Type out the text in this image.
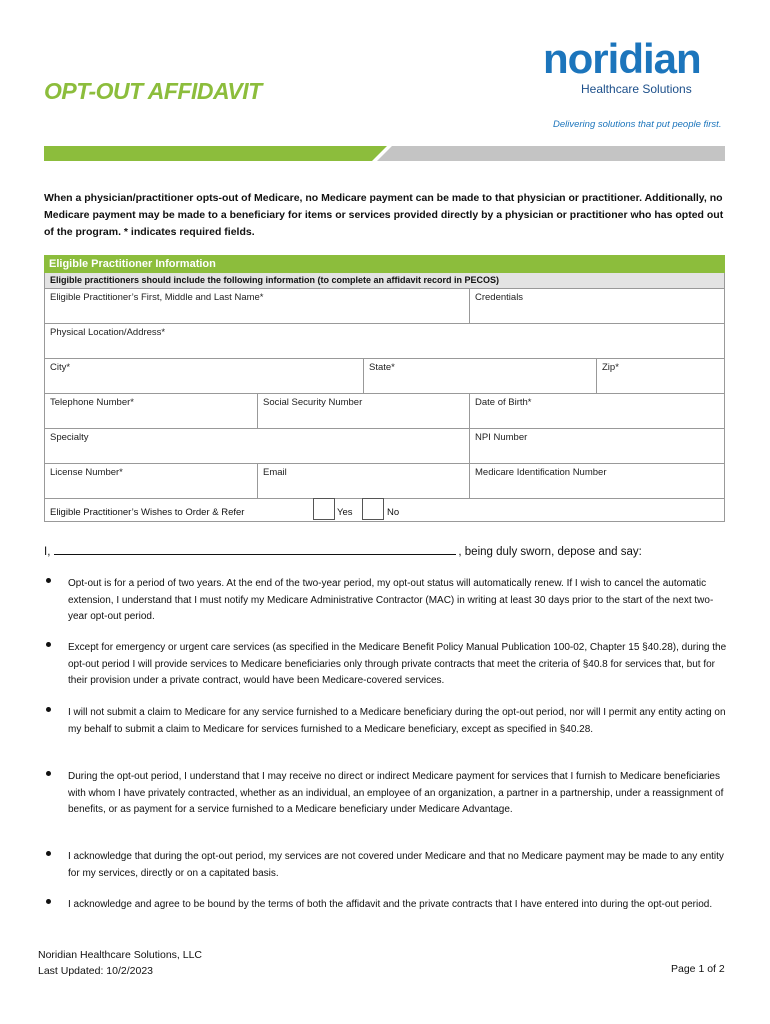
OPT-OUT AFFIDAVIT
noridian
Healthcare Solutions
Delivering solutions that put people first.
When a physician/practitioner opts-out of Medicare, no Medicare payment can be made to that physician or practitioner. Additionally, no Medicare payment may be made to a beneficiary for items or services provided directly by a physician or practitioner who has opted out of the program. * indicates required fields.
Eligible Practitioner Information
Eligible practitioners should include the following information (to complete an affidavit record in PECOS)
Eligible Practitioner’s First, Middle and Last Name*	Credentials
Physical Location/Address*
City*	State*	Zip*
Telephone Number*	Social Security Number	Date of Birth*
Specialty	NPI Number
License Number*	Email	Medicare Identification Number
Eligible Practitioner’s Wishes to Order & Refer	Yes	No
I,	, being duly sworn, depose and say:
Opt-out is for a period of two years. At the end of the two-year period, my opt-out status will automatically renew. If I wish to cancel the automatic extension, I understand that I must notify my Medicare Administrative Contractor (MAC) in writing at least 30 days prior to the start of the next two-year opt-out period.
Except for emergency or urgent care services (as specified in the Medicare Benefit Policy Manual Publication 100-02, Chapter 15 §40.28), during the opt-out period I will provide services to Medicare beneficiaries only through private contracts that meet the criteria of §40.8 for services that, but for their provision under a private contract, would have been Medicare-covered services.
I will not submit a claim to Medicare for any service furnished to a Medicare beneficiary during the opt-out period, nor will I permit any entity acting on my behalf to submit a claim to Medicare for services furnished to a Medicare beneficiary, except as specified in §40.28.
During the opt-out period, I understand that I may receive no direct or indirect Medicare payment for services that I furnish to Medicare beneficiaries with whom I have privately contracted, whether as an individual, an employee of an organization, a partner in a partnership, under a reassignment of benefits, or as payment for a service furnished to a Medicare beneficiary under Medicare Advantage.
I acknowledge that during the opt-out period, my services are not covered under Medicare and that no Medicare payment may be made to any entity for my services, directly or on a capitated basis.
I acknowledge and agree to be bound by the terms of both the affidavit and the private contracts that I have entered into during the opt-out period.
Noridian Healthcare Solutions, LLC
Last Updated: 10/2/2023	Page 1 of 2
